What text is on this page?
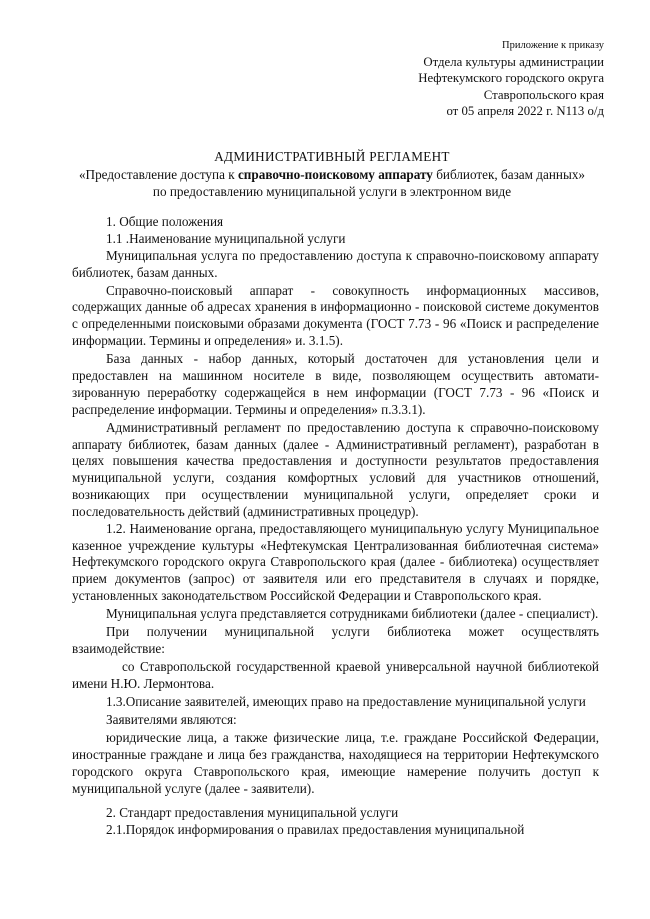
Приложение к приказу
Отдела культуры администрации
Нефтекумского городского округа
Ставропольского края
от 05 апреля 2022 г. N113 о/д
АДМИНИСТРАТИВНЫЙ РЕГЛАМЕНТ
«Предоставление доступа к справочно-поисковому аппарату библиотек, базам данных» по предоставлению муниципальной услуги в электронном виде

1. Общие положения

1.1 .Наименование муниципальной услуги

Муниципальная услуга по предоставлению доступа к справочно-поисковому аппарату библиотек, базам данных.

Справочно-поисковый аппарат - совокупность информационных массивов, содержащих данные об адресах хранения в информационно - поисковой системе документов с определенными поисковыми образами документа (ГОСТ 7.73 - 96 «Поиск и распределение информации. Термины и определения» и. 3.1.5).

База данных - набор данных, который достаточен для установления цели и предоставлен на машинном носителе в виде, позволяющем осуществить автоматизированную переработку содержащейся в нем информации (ГОСТ 7.73 - 96 «Поиск и распределение информации. Термины и определения» п.3.3.1).

Административный регламент по предоставлению доступа к справочно-поисковому аппарату библиотек, базам данных (далее - Административный регламент), разработан в целях повышения качества предоставления и доступности результатов предоставления муниципальной услуги, создания комфортных условий для участников отношений, возникающих при осуществлении муниципальной услуги, определяет сроки и последовательность действий (административных процедур).

1.2. Наименование органа, предоставляющего муниципальную услугу Муниципальное казенное учреждение культуры «Нефтекумская Централизованная библиотечная система» Нефтекумского городского округа Ставропольского края (далее - библиотека) осуществляет прием документов (запрос) от заявителя или его представителя в случаях и порядке, установленных законодательством Российской Федерации и Ставропольского края.

Муниципальная услуга представляется сотрудниками библиотеки (далее - специалист).

При получении муниципальной услуги библиотека может осуществлять взаимодействие:

со Ставропольской государственной краевой универсальной научной библиотекой имени Н.Ю. Лермонтова.

1.3.Описание заявителей, имеющих право на предоставление муниципальной услуги

Заявителями являются:

юридические лица, а также физические лица, т.е. граждане Российской Федерации, иностранные граждане и лица без гражданства, находящиеся на территории Нефтекумского городского округа Ставропольского края, имеющие намерение получить доступ к муниципальной услуге (далее - заявители).

2. Стандарт предоставления муниципальной услуги

2.1.Порядок информирования о правилах предоставления муниципальной
